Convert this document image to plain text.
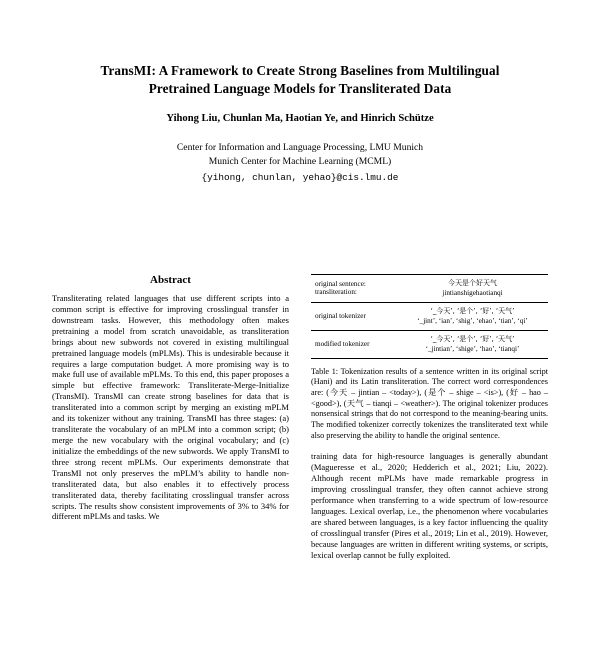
TransMI: A Framework to Create Strong Baselines from Multilingual
Pretrained Language Models for Transliterated Data
Yihong Liu, Chunlan Ma, Haotian Ye, and Hinrich Schütze
Center for Information and Language Processing, LMU Munich
Munich Center for Machine Learning (MCML)
{yihong, chunlan, yehao}@cis.lmu.de
Abstract

Transliterating related languages that use different scripts into a common script is effective for improving crosslingual transfer in downstream tasks. However, this methodology often makes pretraining a model from scratch unavoidable, as transliteration brings about new subwords not covered in existing multilingual pretrained language models (mPLMs). This is undesirable because it requires a large computation budget. A more promising way is to make full use of available mPLMs. To this end, this paper proposes a simple but effective framework: Transliterate-Merge-Initialize (TransMI). TransMI can create strong baselines for data that is transliterated into a common script by merging an existing mPLM and its tokenizer without any training. TransMI has three stages: (a) transliterate the vocabulary of an mPLM into a common script; (b) merge the new vocabulary with the original vocabulary; and (c) initialize the embeddings of the new subwords. We apply TransMI to three strong recent mPLMs. Our experiments demonstrate that TransMI not only preserves the mPLM’s ability to handle non-transliterated data, but also enables it to effectively process transliterated data, thereby facilitating crosslingual transfer across scripts. The results show consistent improvements of 3% to 34% for different mPLMs and tasks. We

original sentence:
transliteration:	今天是个好天气
jintianshigehaotianqi
original tokenizer	‘_今天’, ‘是个’, ‘好’, ‘天气’
‘_jint’, ‘ian’, ‘shig’, ‘ehao’, ‘tian’, ‘qi’
modified tokenizer	‘_今天’, ‘是个’, ‘好’, ‘天气’
‘_jintian’, ‘shige’, ‘hao’, ‘tianqi’
Table 1: Tokenization results of a sentence written in its original script (Hani) and its Latin transliteration. The correct word correspondences are: (今天 – jintian – <today>), (是个 – shige – <is>), (好 – hao – <good>), (天气 – tianqi – <weather>). The original tokenizer produces nonsensical strings that do not correspond to the meaning-bearing units. The modified tokenizer correctly tokenizes the transliterated text while also preserving the ability to handle the original sentence.

training data for high-resource languages is generally abundant (Magueresse et al., 2020; Hedderich et al., 2021; Liu, 2022). Although recent mPLMs have made remarkable progress in improving crosslingual transfer, they often cannot achieve strong performance when transferring to a wide spectrum of low-resource languages. Lexical overlap, i.e., the phenomenon where vocabularies are shared between languages, is a key factor influencing the quality of crosslingual transfer (Pires et al., 2019; Lin et al., 2019). However, because languages are written in different writing systems, or scripts, lexical overlap cannot be fully exploited.
